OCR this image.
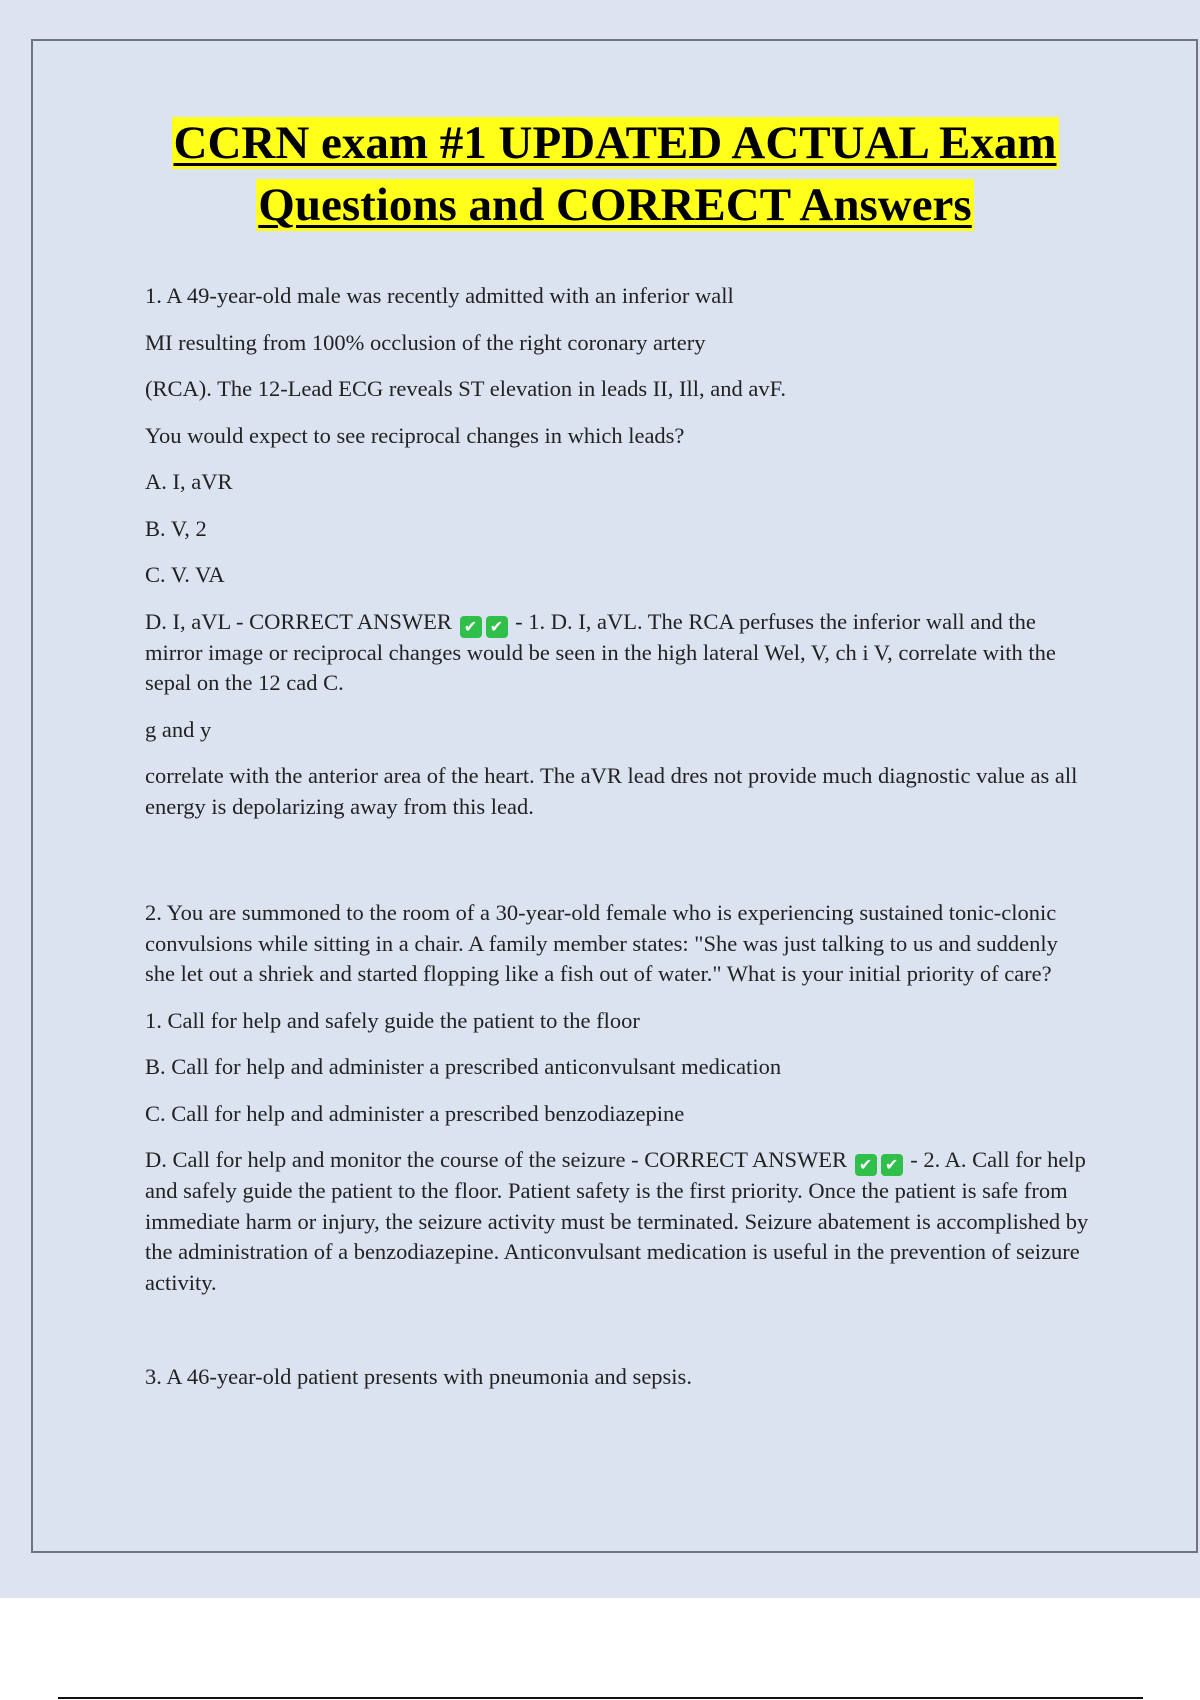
CCRN exam #1 UPDATED ACTUAL Exam
Questions and CORRECT Answers

1. A 49-year-old male was recently admitted with an inferior wall

MI resulting from 100% occlusion of the right coronary artery

(RCA). The 12-Lead ECG reveals ST elevation in leads II, Ill, and avF.

You would expect to see reciprocal changes in which leads?

A. I, aVR

B. V, 2

C. V. VA

D. I, aVL - CORRECT ANSWER ✔ ✔ - 1. D. I, aVL. The RCA perfuses the inferior wall and the mirror image or reciprocal changes would be seen in the high lateral Wel, V, ch i V, correlate with the sepal on the 12 cad C.

g and y

correlate with the anterior area of the heart. The aVR lead dres not provide much diagnostic value as all energy is depolarizing away from this lead.

2. You are summoned to the room of a 30-year-old female who is experiencing sustained tonic-clonic convulsions while sitting in a chair. A family member states: "She was just talking to us and suddenly she let out a shriek and started flopping like a fish out of water." What is your initial priority of care?

1. Call for help and safely guide the patient to the floor

B. Call for help and administer a prescribed anticonvulsant medication

C. Call for help and administer a prescribed benzodiazepine

D. Call for help and monitor the course of the seizure - CORRECT ANSWER ✔ ✔ - 2. A. Call for help and safely guide the patient to the floor. Patient safety is the first priority. Once the patient is safe from immediate harm or injury, the seizure activity must be terminated. Seizure abatement is accomplished by the administration of a benzodiazepine. Anticonvulsant medication is useful in the prevention of seizure activity.

3. A 46-year-old patient presents with pneumonia and sepsis.
